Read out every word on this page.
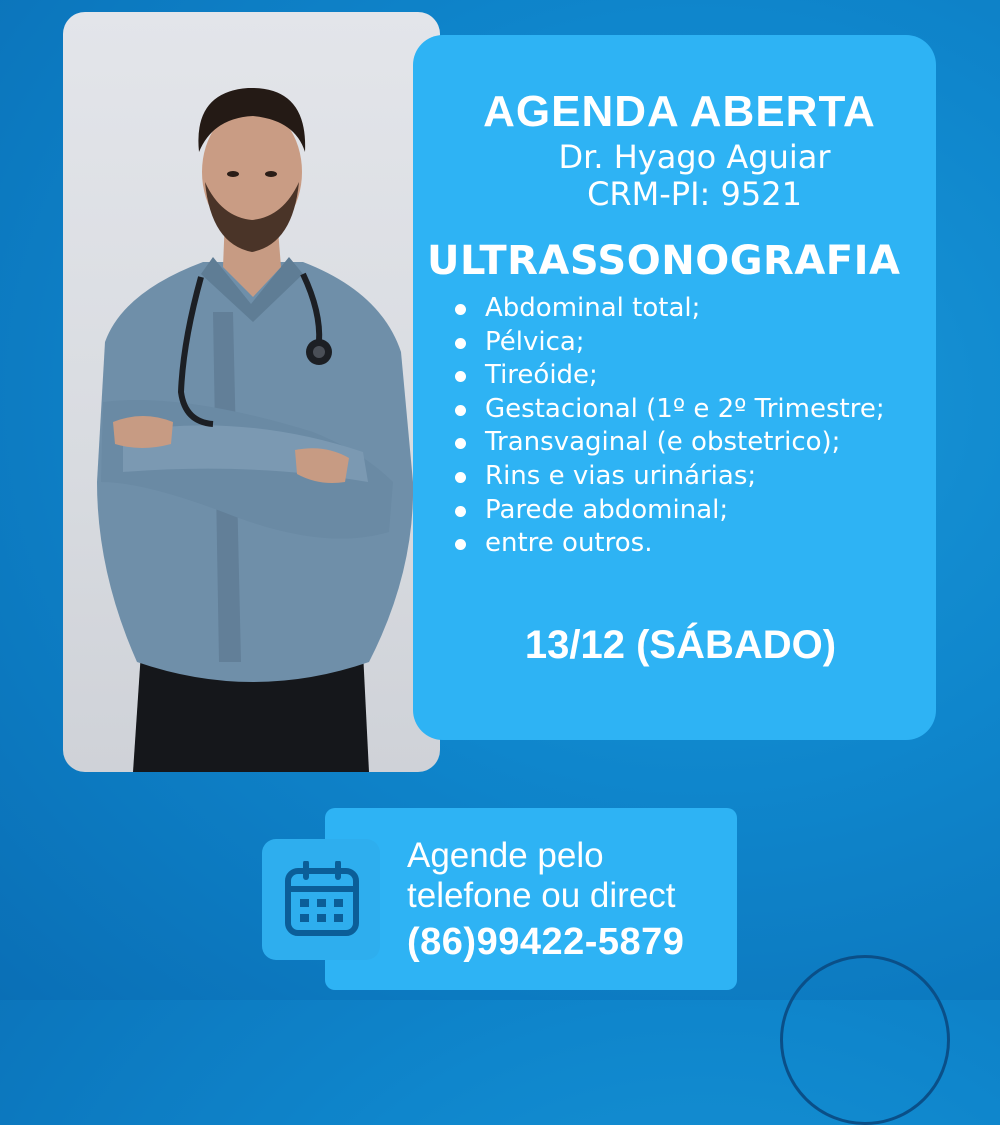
AGENDA ABERTA
Dr. Hyago Aguiar
CRM-PI: 9521
ULTRASSONOGRAFIA
Abdominal total;
Pélvica;
Tireóide;
Gestacional (1º e 2º Trimestre;
Transvaginal (e obstetrico);
Rins e vias urinárias;
Parede abdominal;
entre outros.
13/12 (SÁBADO)
Agende pelo
telefone ou direct
(86)99422-5879
